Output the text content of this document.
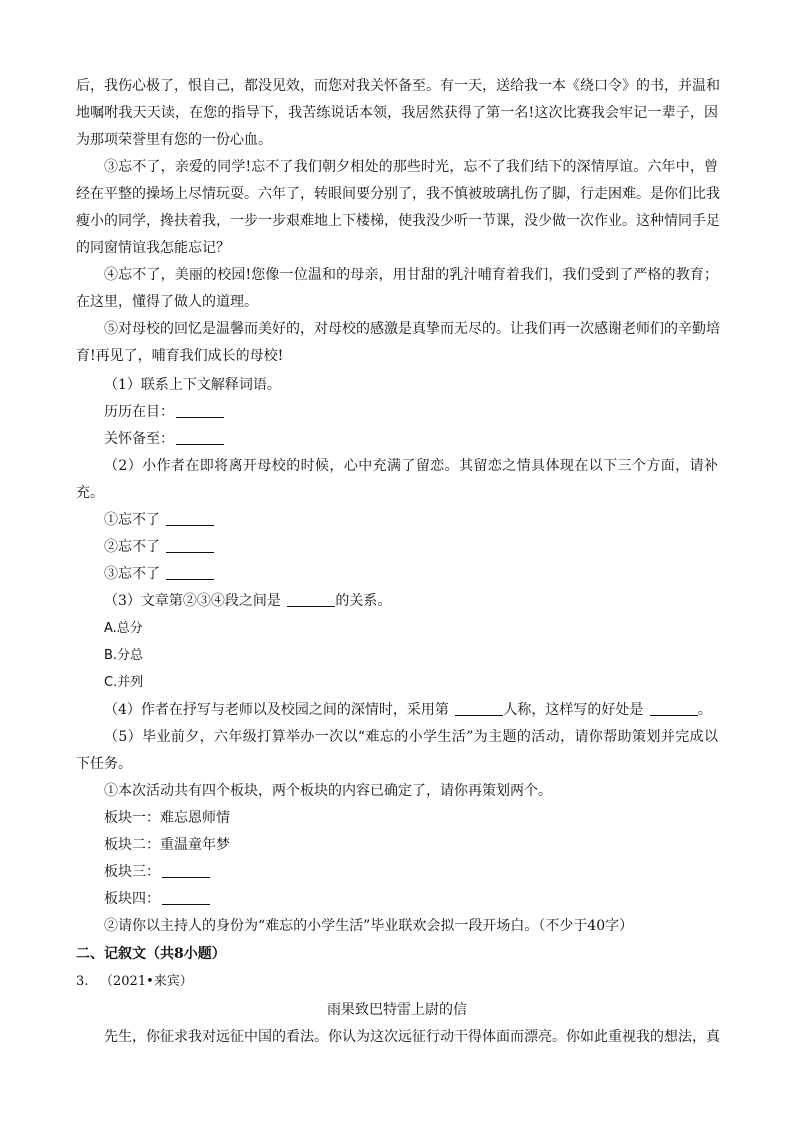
后，我伤心极了，恨自己，都没见效，而您对我关怀备至。有一天，送给我一本《绕口令》的书，并温和
地嘱咐我天天读，在您的指导下，我苦练说话本领，我居然获得了第一名!这次比赛我会牢记一辈子，因
为那项荣誉里有您的一份心血。
③忘不了，亲爱的同学!忘不了我们朝夕相处的那些时光，忘不了我们结下的深情厚谊。六年中，曾
经在平整的操场上尽情玩耍。六年了，转眼间要分别了，我不慎被玻璃扎伤了脚，行走困难。是你们比我
瘦小的同学，搀扶着我，一步一步艰难地上下楼梯，使我没少听一节课，没少做一次作业。这种情同手足
的同窗情谊我怎能忘记？
④忘不了，美丽的校园!您像一位温和的母亲，用甘甜的乳汁哺育着我们，我们受到了严格的教育；
在这里，懂得了做人的道理。
⑤对母校的回忆是温馨而美好的，对母校的感激是真挚而无尽的。让我们再一次感谢老师们的辛勤培
育!再见了，哺育我们成长的母校!
（1）联系上下文解释词语。
历历在目：
关怀备至：
（2）小作者在即将离开母校的时候，心中充满了留恋。其留恋之情具体现在以下三个方面，请补
充。
①忘不了
②忘不了
③忘不了
（3）文章第②③④段之间是	的关系。
A.总分
B.分总
C.并列
（4）作者在抒写与老师以及校园之间的深情时，采用第	人称，这样写的好处是	。
（5）毕业前夕，六年级打算举办一次以“难忘的小学生活”为主题的活动，请你帮助策划并完成以
下任务。
①本次活动共有四个板块，两个板块的内容已确定了，请你再策划两个。
板块一：难忘恩师情
板块二：重温童年梦
板块三：
板块四：
②请你以主持人的身份为“难忘的小学生活”毕业联欢会拟一段开场白。（不少于40字）
二、记叙文（共8小题）
3. （2021•来宾）
雨果致巴特雷上尉的信
先生，你征求我对远征中国的看法。你认为这次远征行动干得体面而漂亮。你如此重视我的想法，真
